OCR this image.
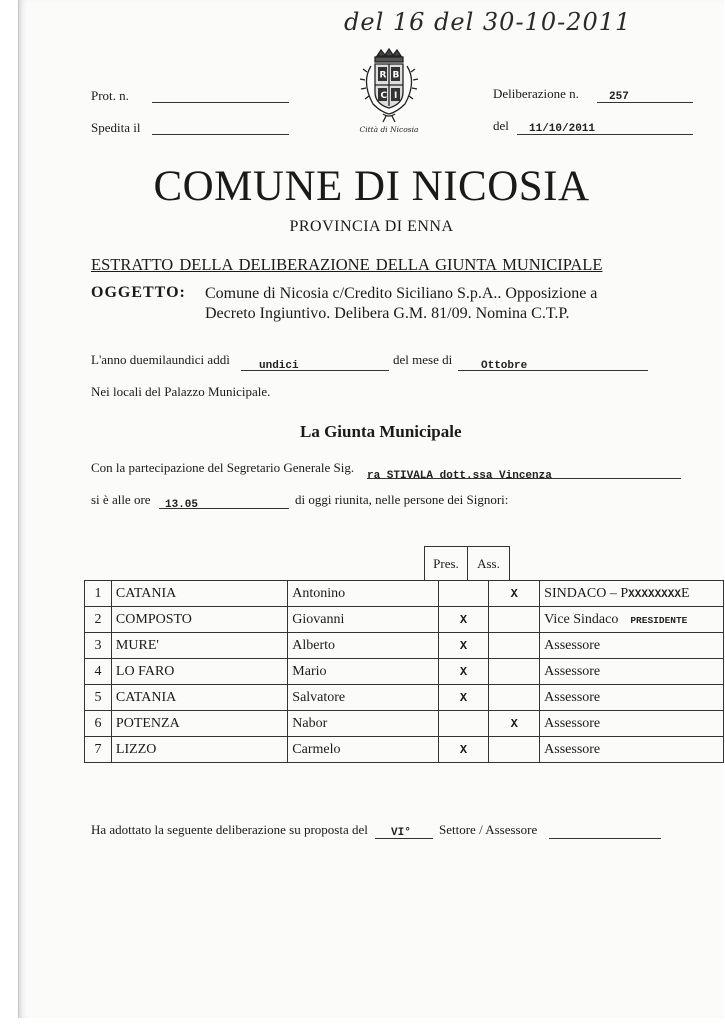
del 16 del 30-10-2011
Prot. n.
Spedita il
R B
C I
Città di Nicosia
Deliberazione n.	257
del 11/10/2011
COMUNE DI NICOSIA
PROVINCIA DI ENNA
ESTRATTO DELLA DELIBERAZIONE DELLA GIUNTA MUNICIPALE
OGGETTO: Comune di Nicosia c/Credito Siciliano S.p.A.. Opposizione a
Decreto Ingiuntivo. Delibera G.M. 81/09. Nomina C.T.P.
L'anno duemilaundici addì	undici	del mese di	Ottobre
Nei locali del Palazzo Municipale.
La Giunta Municipale
Con la partecipazione del Segretario Generale Sig.
ra STIVALA dott.ssa Vincenza
si è alle ore 13.05	di oggi riunita, nelle persone dei Signori:
Pres.	Ass.
1	CATANIA	Antonino		X	SINDACO – PXXXXXXXXE
2	COMPOSTO	Giovanni	X		Vice Sindaco PRESIDENTE
3	MURE'	Alberto	X		Assessore
4	LO FARO	Mario	X		Assessore
5	CATANIA	Salvatore	X		Assessore
6	POTENZA	Nabor		X	Assessore
7	LIZZO	Carmelo	X		Assessore
Ha adottato la seguente deliberazione su proposta del VI° Settore / Assessore
